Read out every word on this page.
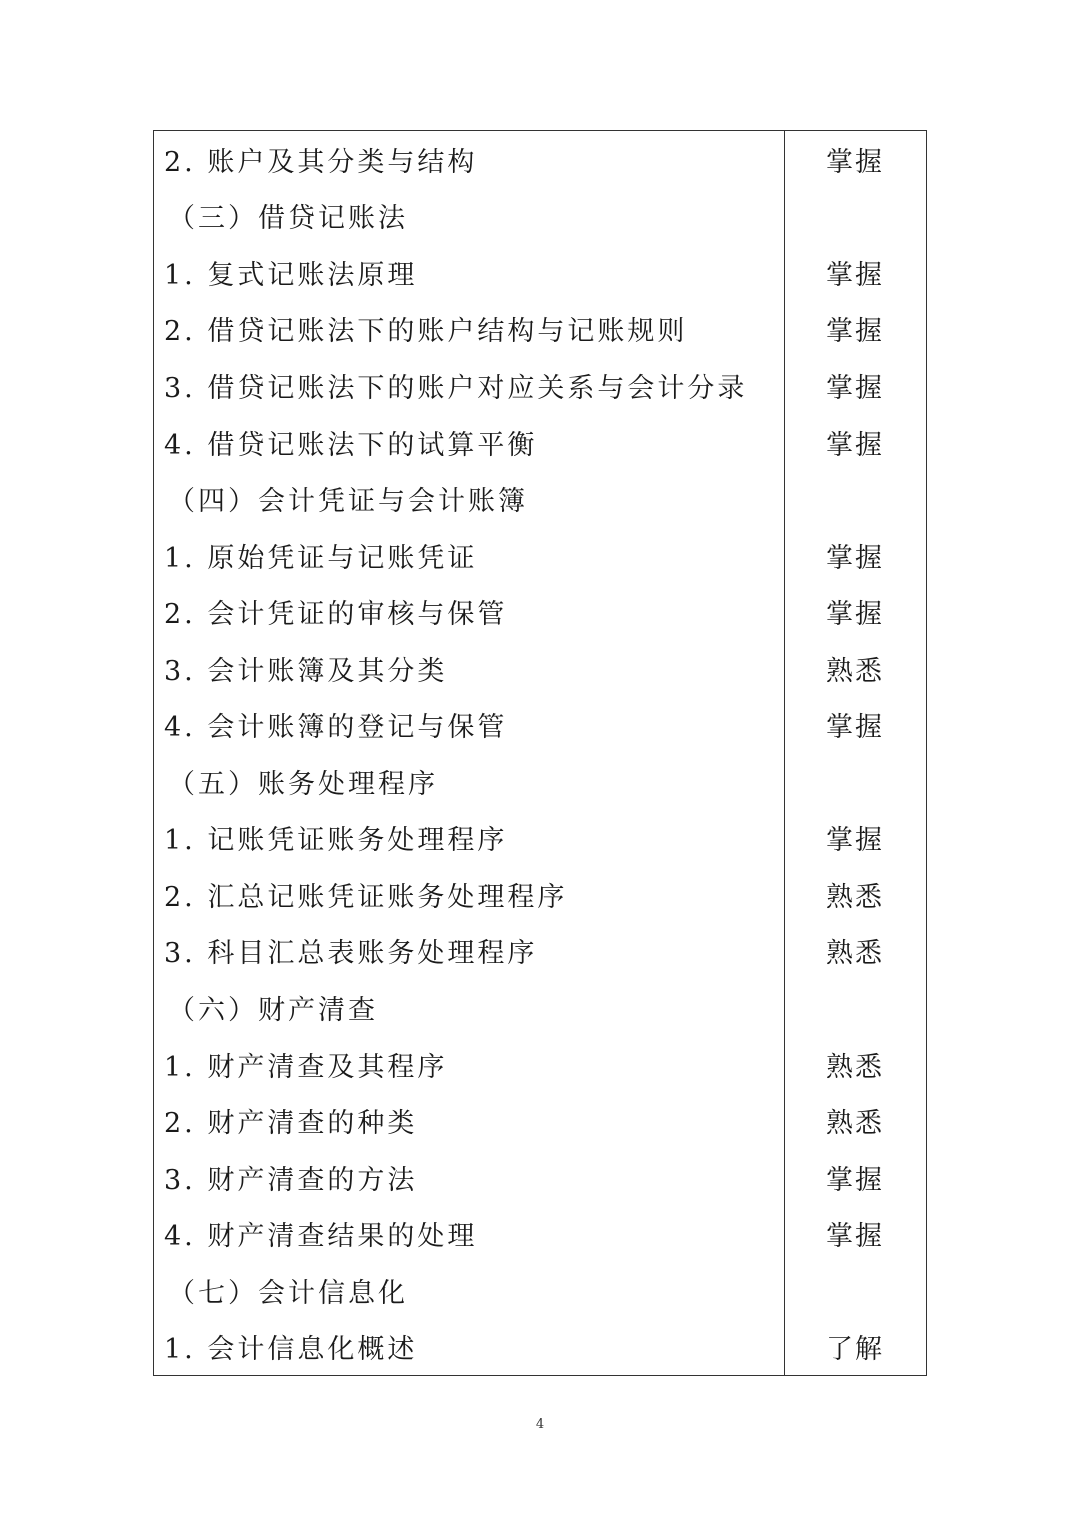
2. 账户及其分类与结构	掌握
（三）借贷记账法
1. 复式记账法原理	掌握
2. 借贷记账法下的账户结构与记账规则	掌握
3. 借贷记账法下的账户对应关系与会计分录	掌握
4. 借贷记账法下的试算平衡	掌握
（四）会计凭证与会计账簿
1. 原始凭证与记账凭证	掌握
2. 会计凭证的审核与保管	掌握
3. 会计账簿及其分类	熟悉
4. 会计账簿的登记与保管	掌握
（五）账务处理程序
1. 记账凭证账务处理程序	掌握
2. 汇总记账凭证账务处理程序	熟悉
3. 科目汇总表账务处理程序	熟悉
（六）财产清查
1. 财产清查及其程序	熟悉
2. 财产清查的种类	熟悉
3. 财产清查的方法	掌握
4. 财产清查结果的处理	掌握
（七）会计信息化
1. 会计信息化概述	了解
4
